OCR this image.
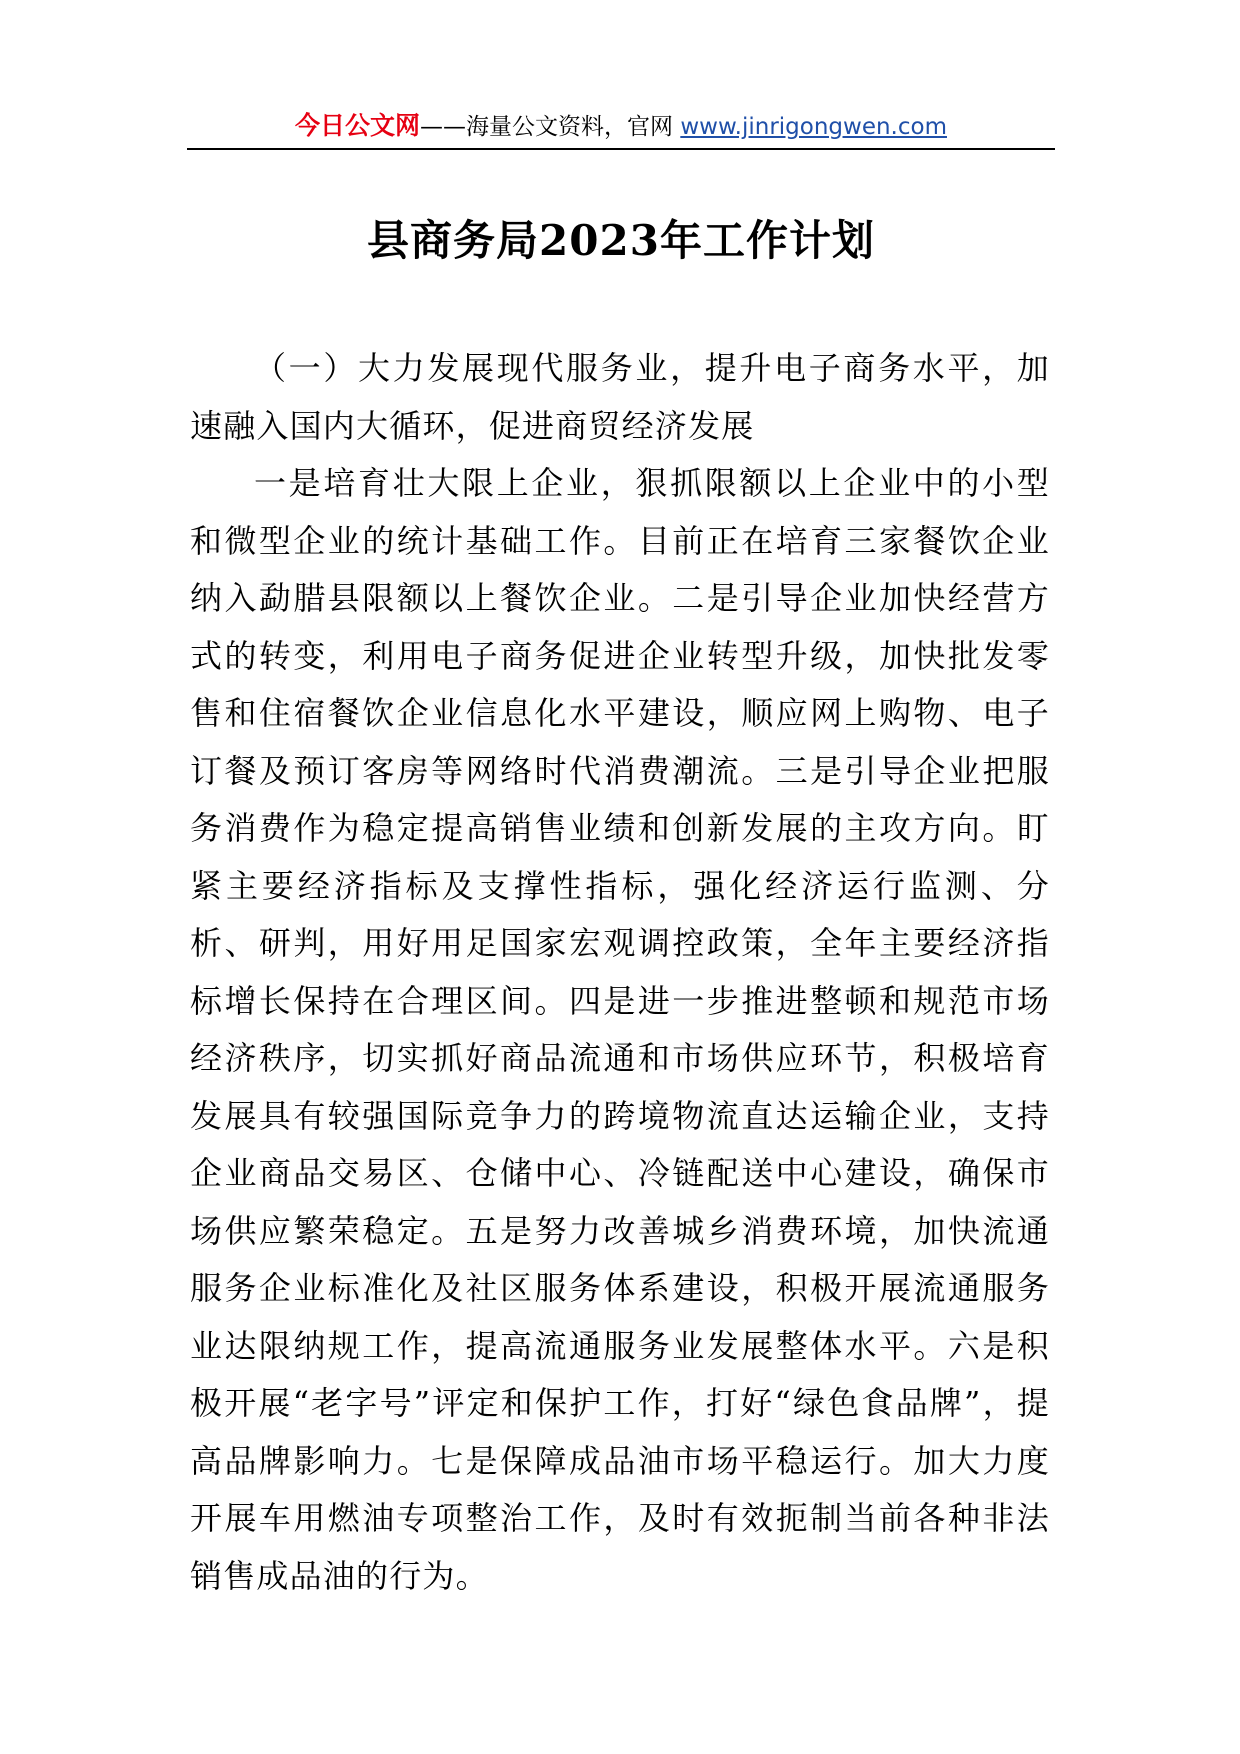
今日公文网——海量公文资料，官网 www.jinrigongwen.com
县商务局2023年工作计划

（一）大力发展现代服务业，提升电子商务水平，加速融入国内大循环，促进商贸经济发展

一是培育壮大限上企业，狠抓限额以上企业中的小型和微型企业的统计基础工作。目前正在培育三家餐饮企业纳入勐腊县限额以上餐饮企业。二是引导企业加快经营方式的转变，利用电子商务促进企业转型升级，加快批发零售和住宿餐饮企业信息化水平建设，顺应网上购物、电子订餐及预订客房等网络时代消费潮流。三是引导企业把服务消费作为稳定提高销售业绩和创新发展的主攻方向。盯紧主要经济指标及支撑性指标，强化经济运行监测、分析、研判，用好用足国家宏观调控政策，全年主要经济指标增长保持在合理区间。四是进一步推进整顿和规范市场经济秩序，切实抓好商品流通和市场供应环节，积极培育发展具有较强国际竞争力的跨境物流直达运输企业，支持企业商品交易区、仓储中心、冷链配送中心建设，确保市场供应繁荣稳定。五是努力改善城乡消费环境，加快流通服务企业标准化及社区服务体系建设，积极开展流通服务业达限纳规工作，提高流通服务业发展整体水平。六是积极开展“老字号”评定和保护工作，打好“绿色食品牌”，提高品牌影响力。七是保障成品油市场平稳运行。加大力度开展车用燃油专项整治工作，及时有效扼制当前各种非法销售成品油的行为。
